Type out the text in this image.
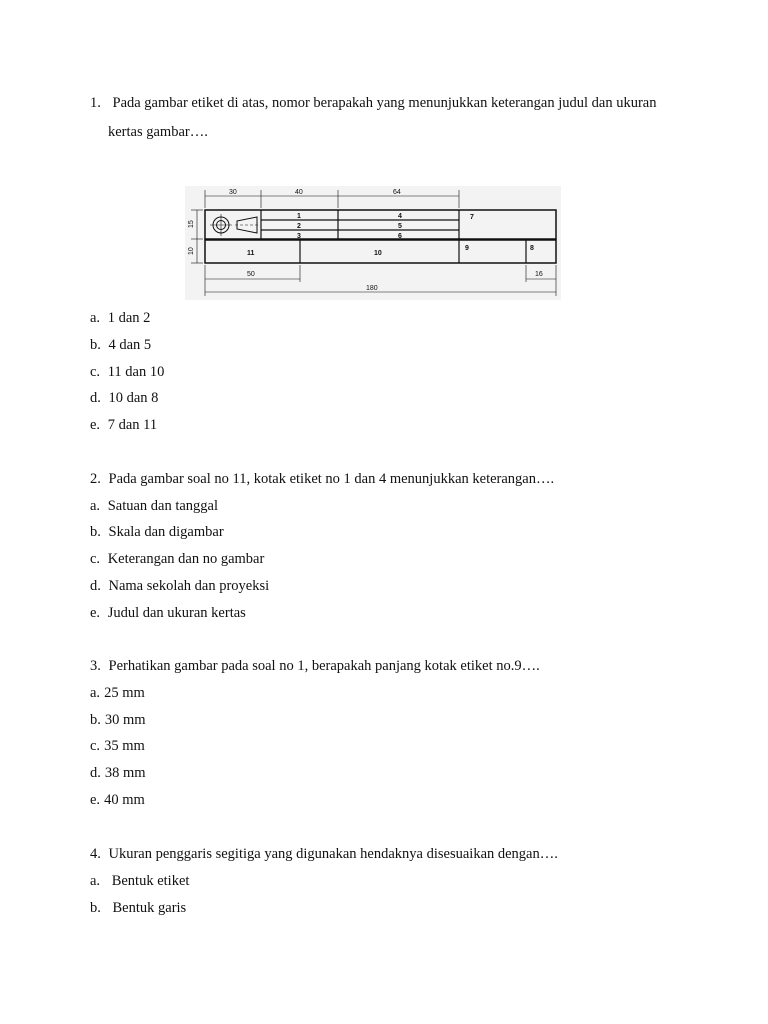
1. Pada gambar etiket di atas, nomor berapakah yang menunjukkan keterangan judul dan ukuran
kertas gambar….
30	40	64
15
10
50	16
180
1
2
3
4
5
6
7
8
9
10
11
a. 1 dan 2
b. 4 dan 5
c. 11 dan 10
d. 10 dan 8
e. 7 dan 11
2. Pada gambar soal no 11, kotak etiket no 1 dan 4 menunjukkan keterangan….
a. Satuan dan tanggal
b. Skala dan digambar
c. Keterangan dan no gambar
d. Nama sekolah dan proyeksi
e. Judul dan ukuran kertas
3. Perhatikan gambar pada soal no 1, berapakah panjang kotak etiket no.9….
a. 25 mm
b. 30 mm
c. 35 mm
d. 38 mm
e. 40 mm
4. Ukuran penggaris segitiga yang digunakan hendaknya disesuaikan dengan….
a. Bentuk etiket
b. Bentuk garis
